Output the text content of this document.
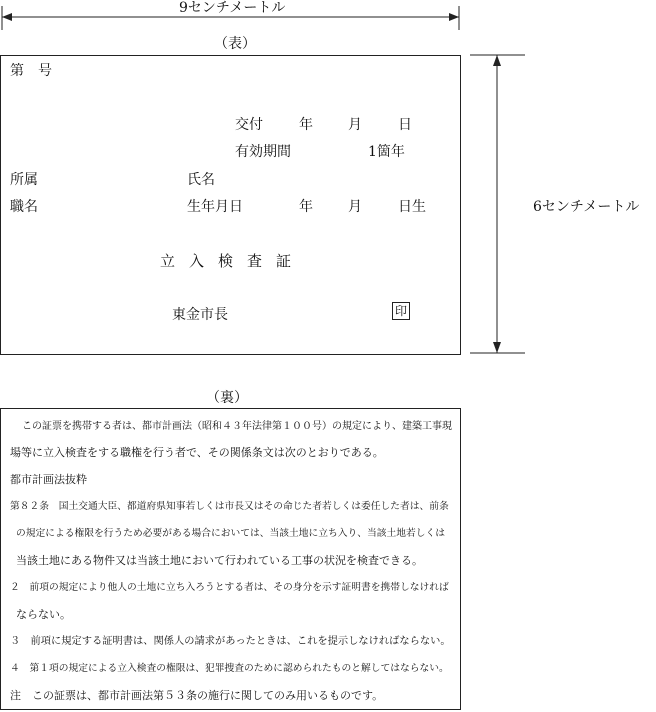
9センチメートル
6センチメートル
（表）
第　号
交付	年	月	日
有効期間	1箇年
所属	氏名
職名	生年月日	年	月	日生
立入検査証
東金市長	印
（裏）
この証票を携帯する者は、都市計画法（昭和４３年法律第１００号）の規定により、建築工事現
場等に立入検査をする職権を行う者で、その関係条文は次のとおりである。
都市計画法抜粋
第８２条　国土交通大臣、都道府県知事若しくは市長又はその命じた者若しくは委任した者は、前条
の規定による権限を行うため必要がある場合においては、当該土地に立ち入り、当該土地若しくは
当該土地にある物件又は当該土地において行われている工事の状況を検査できる。
２　前項の規定により他人の土地に立ち入ろうとする者は、その身分を示す証明書を携帯しなければ
ならない。
３　前項に規定する証明書は、関係人の請求があったときは、これを提示しなければならない。
４　第１項の規定による立入検査の権限は、犯罪捜査のために認められたものと解してはならない。
注　この証票は、都市計画法第５３条の施行に関してのみ用いるものです。
